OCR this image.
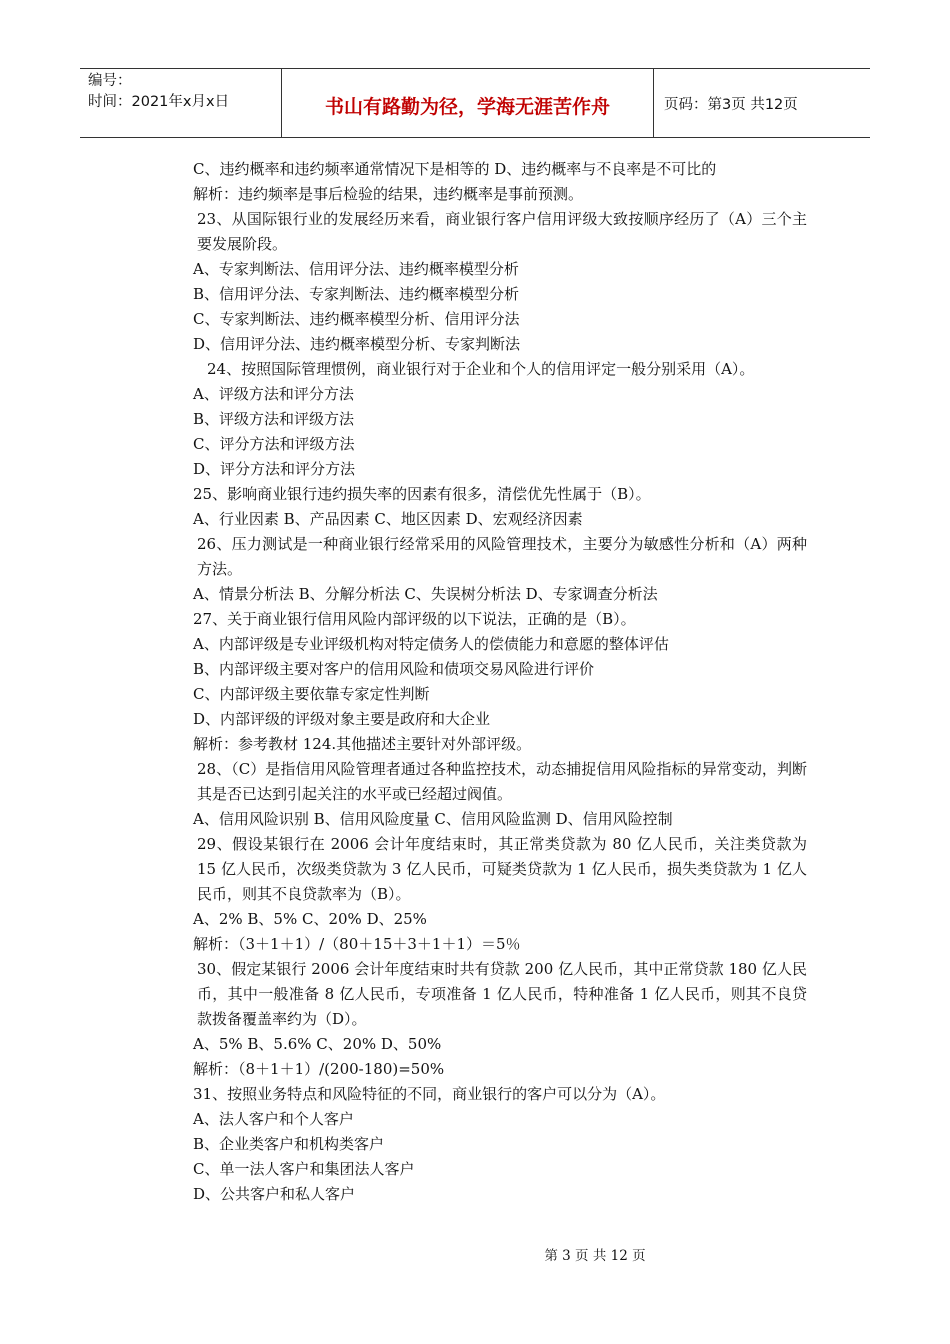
编号：
时间：2021年x月x日	书山有路勤为径，学海无涯苦作舟	页码：第3页 共12页

C、违约概率和违约频率通常情况下是相等的 D、违约概率与不良率是不可比的

解析：违约频率是事后检验的结果，违约概率是事前预测。

23、从国际银行业的发展经历来看，商业银行客户信用评级大致按顺序经历了（A）三个主要发展阶段。

A、专家判断法、信用评分法、违约概率模型分析

B、信用评分法、专家判断法、违约概率模型分析

C、专家判断法、违约概率模型分析、信用评分法

D、信用评分法、违约概率模型分析、专家判断法

24、按照国际管理惯例，商业银行对于企业和个人的信用评定一般分别采用（A）。

A、评级方法和评分方法

B、评级方法和评级方法

C、评分方法和评级方法

D、评分方法和评分方法

25、影响商业银行违约损失率的因素有很多，清偿优先性属于（B）。

A、行业因素 B、产品因素 C、地区因素 D、宏观经济因素

26、压力测试是一种商业银行经常采用的风险管理技术，主要分为敏感性分析和（A）两种方法。

A、情景分析法 B、分解分析法 C、失误树分析法 D、专家调查分析法

27、关于商业银行信用风险内部评级的以下说法，正确的是（B）。

A、内部评级是专业评级机构对特定债务人的偿债能力和意愿的整体评估

B、内部评级主要对客户的信用风险和债项交易风险进行评价

C、内部评级主要依靠专家定性判断

D、内部评级的评级对象主要是政府和大企业

解析：参考教材 124.其他描述主要针对外部评级。

28、（C）是指信用风险管理者通过各种监控技术，动态捕捉信用风险指标的异常变动，判断其是否已达到引起关注的水平或已经超过阀值。

A、信用风险识别 B、信用风险度量 C、信用风险监测 D、信用风险控制

29、假设某银行在 2006 会计年度结束时，其正常类贷款为 80 亿人民币，关注类贷款为 15 亿人民币，次级类贷款为 3 亿人民币，可疑类贷款为 1 亿人民币，损失类贷款为 1 亿人民币，则其不良贷款率为（B）。

A、2% B、5% C、20% D、25%

解析：（3＋1＋1）/（80＋15＋3＋1＋1）＝5％

30、假定某银行 2006 会计年度结束时共有贷款 200 亿人民币，其中正常贷款 180 亿人民币，其中一般准备 8 亿人民币，专项准备 1 亿人民币，特种准备 1 亿人民币，则其不良贷款拨备覆盖率约为（D）。

A、5% B、5.6% C、20% D、50%

解析：（8＋1＋1）/(200-180)=50%

31、按照业务特点和风险特征的不同，商业银行的客户可以分为（A）。

A、法人客户和个人客户

B、企业类客户和机构类客户

C、单一法人客户和集团法人客户

D、公共客户和私人客户

第 3 页 共 12 页
